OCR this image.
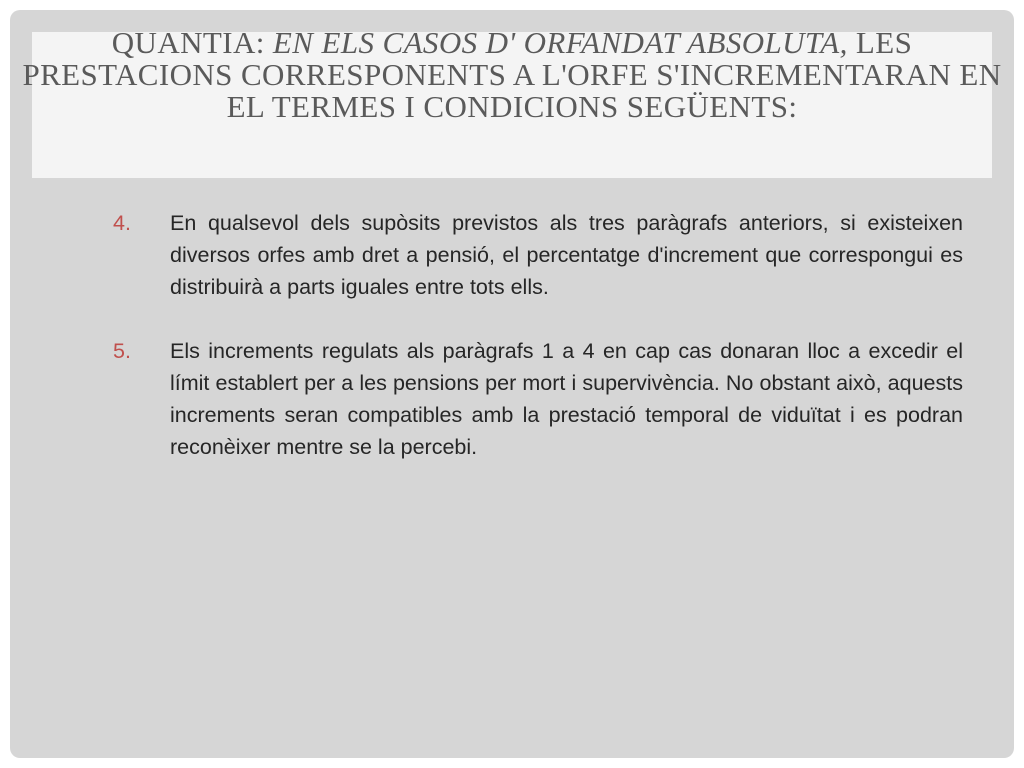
QUANTIA: EN ELS CASOS D' ORFANDAT ABSOLUTA, LES PRESTACIONS CORRESPONENTS A L'ORFE S'INCREMENTARAN EN EL TERMES I CONDICIONS SEGÜENTS:
4. En qualsevol dels supòsits previstos als tres paràgrafs anteriors, si existeixen diversos orfes amb dret a pensió, el percentatge d'increment que correspongui es distribuirà a parts iguales entre tots ells.
5. Els increments regulats als paràgrafs 1 a 4 en cap cas donaran lloc a excedir el límit establert per a les pensions per mort i supervivència. No obstant això, aquests increments seran compatibles amb la prestació temporal de viduïtat i es podran reconèixer mentre se la percebi.
